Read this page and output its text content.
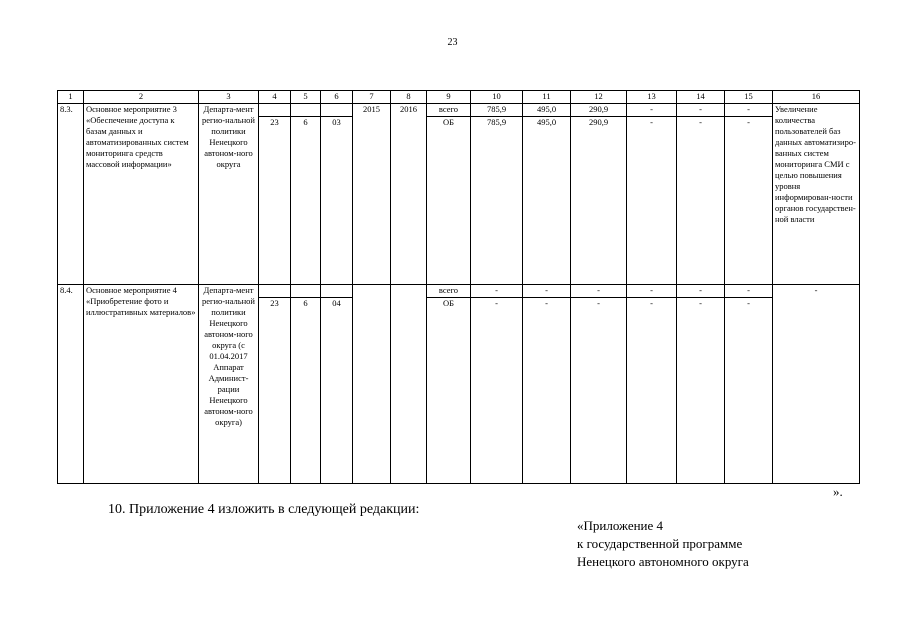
23
1	2	3	4	5	6	7	8	9	10	11	12	13	14	15	16
8.3.	Основное мероприятие 3 «Обеспечение доступа к базам данных и автоматизированных систем мониторинга средств массовой информации»	Департа-мент регио-нальной политики Ненецкого автоном-ного округа				2015	2016	всего	785,9	495,0	290,9	-	-	-	Увеличение количества пользователей баз данных автоматизиро-ванных систем мониторинга СМИ с целью повышения уровня информирован-ности органов государствен-ной власти
			23	6	03			ОБ	785,9	495,0	290,9	-	-	-	
8.4.	Основное мероприятие 4 «Приобретение фото и иллюстративных материалов»	Департа-мент регио-нальной политики Ненецкого автоном-ного округа (с 01.04.2017 Аппарат Админист-рации Ненецкого автоном-ного округа)						всего	-	-	-	-	-	-	-
			23	6	04			ОБ	-	-	-	-	-	-	
».
10. Приложение 4 изложить в следующей редакции:
«Приложение 4
к государственной программе
Ненецкого автономного округа
